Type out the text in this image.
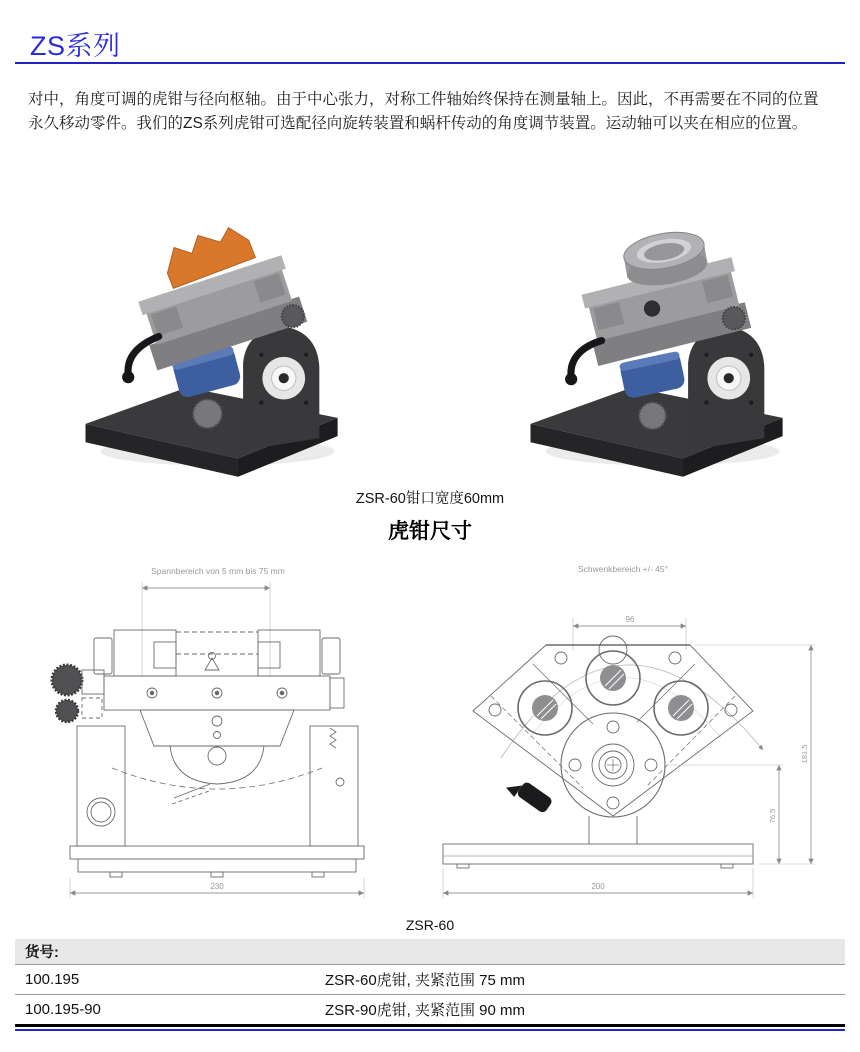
ZS系列
对中，角度可调的虎钳与径向枢轴。由于中心张力，对称工件轴始终保持在测量轴上。因此，不再需要在不同的位置
永久移动零件。我们的ZS系列虎钳可选配径向旋转装置和蜗杆传动的角度调节装置。运动轴可以夹在相应的位置。
ZSR-60钳口宽度60mm
虎钳尺寸
Spannbereich von 5 mm bis 75 mm
230
Schwenkbereich +/- 45°
96
181.5
76.5
200
ZSR-60
货号:	
100.195	ZSR-60虎钳, 夹紧范围 75 mm
100.195-90	ZSR-90虎钳, 夹紧范围 90 mm
